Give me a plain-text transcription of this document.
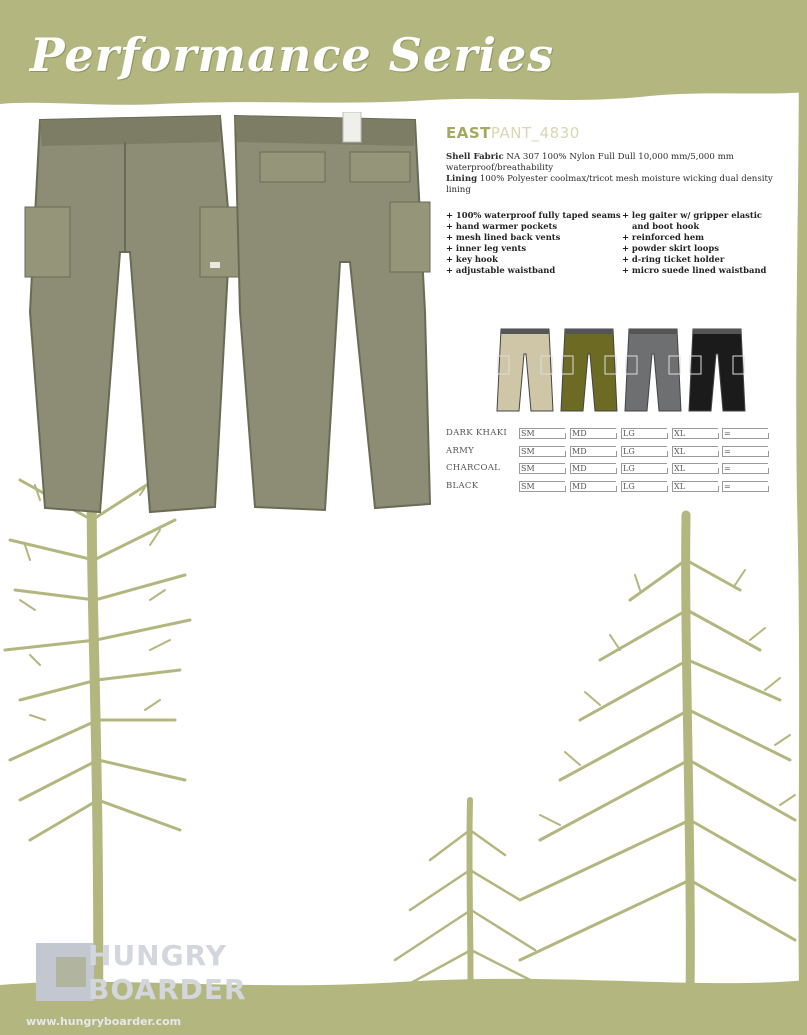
Performance Series
EASTPANT_4830
Shell Fabric NA 307 100% Nylon Full Dull 10,000 mm/5,000 mm waterproof/breathability
Lining 100% Polyester coolmax/tricot mesh moisture wicking dual density lining
+ 100% waterproof fully taped seams
+ hand warmer pockets
+ mesh lined back vents
+ inner leg vents
+ key hook
+ adjustable waistband
+ leg gaiter w/ gripper elastic and boot hook
+ reinforced hem
+ powder skirt loops
+ d-ring ticket holder
+ micro suede lined waistband
DARK KHAKI SM	MD	LG	XL	=
ARMY	SM	MD	LG	XL	=
CHARCOAL	SM	MD	LG	XL	=
BLACK	SM	MD	LG	XL	=
HUNGRY
BOARDER
www.hungryboarder.com
